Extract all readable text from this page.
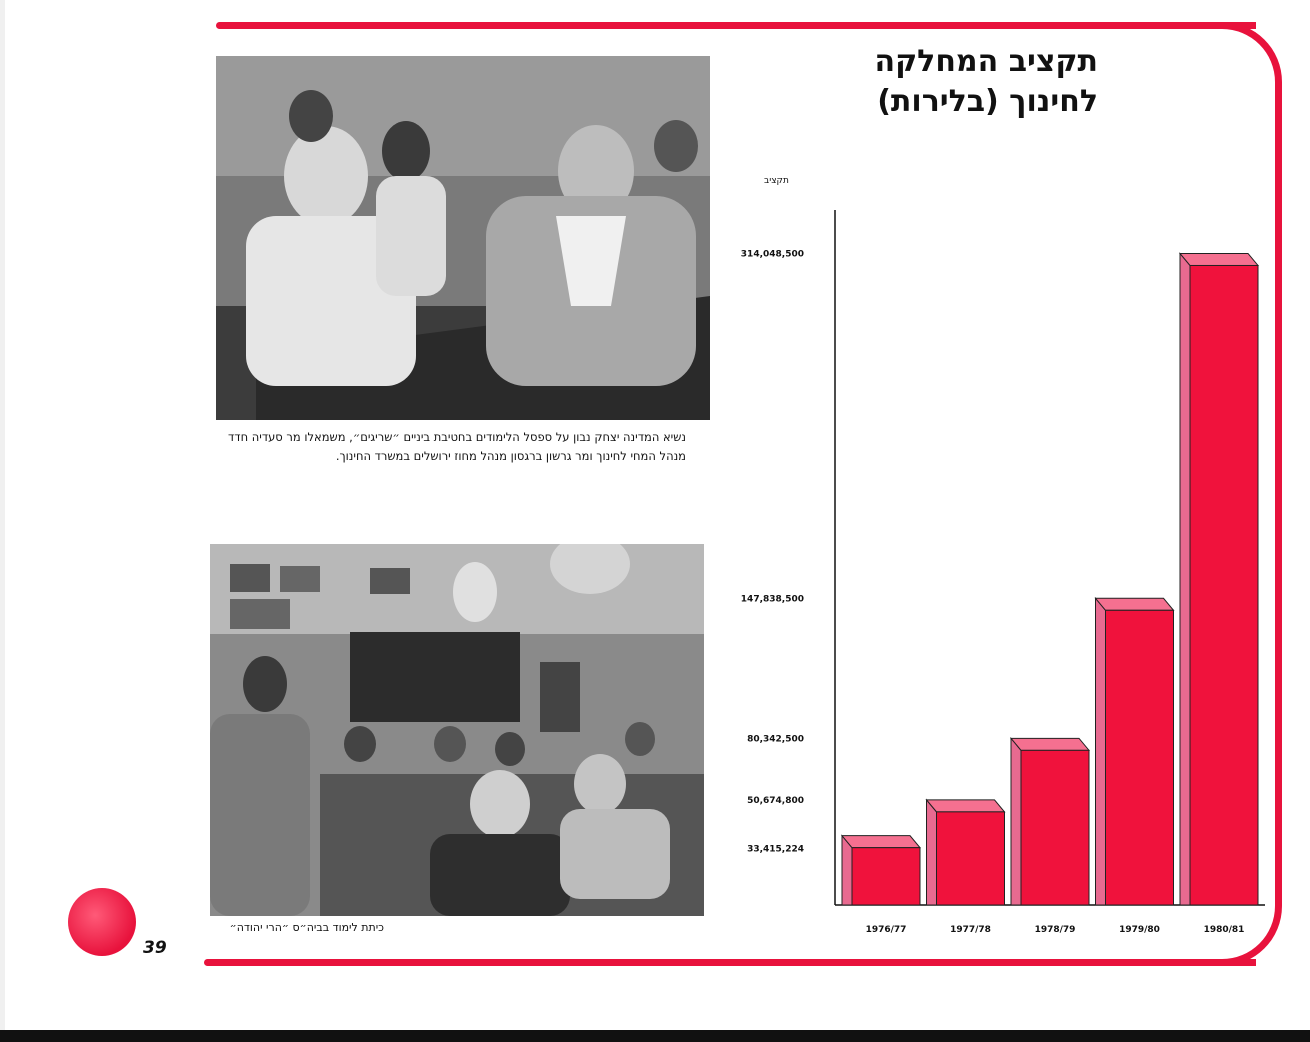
תקציב המחלקה
לחינוך (בלירות)
נשיא המדינה יצחק נבון על ספסל הלימודים בחטיבת ביניים ״שריגים״, משמאלו מר סעדיה חדד מנהל המחי לחינוך ומר גרשון ברגסון מנהל מחוז ירושלים במשרד החינוך.
כיתת לימוד בביה״ס ״הרי יהודה״
39
תקציב
33,415,224
50,674,800
80,342,500
147,838,500
314,048,500
1976/77	1977/78	1978/79	1979/80	1980/81
